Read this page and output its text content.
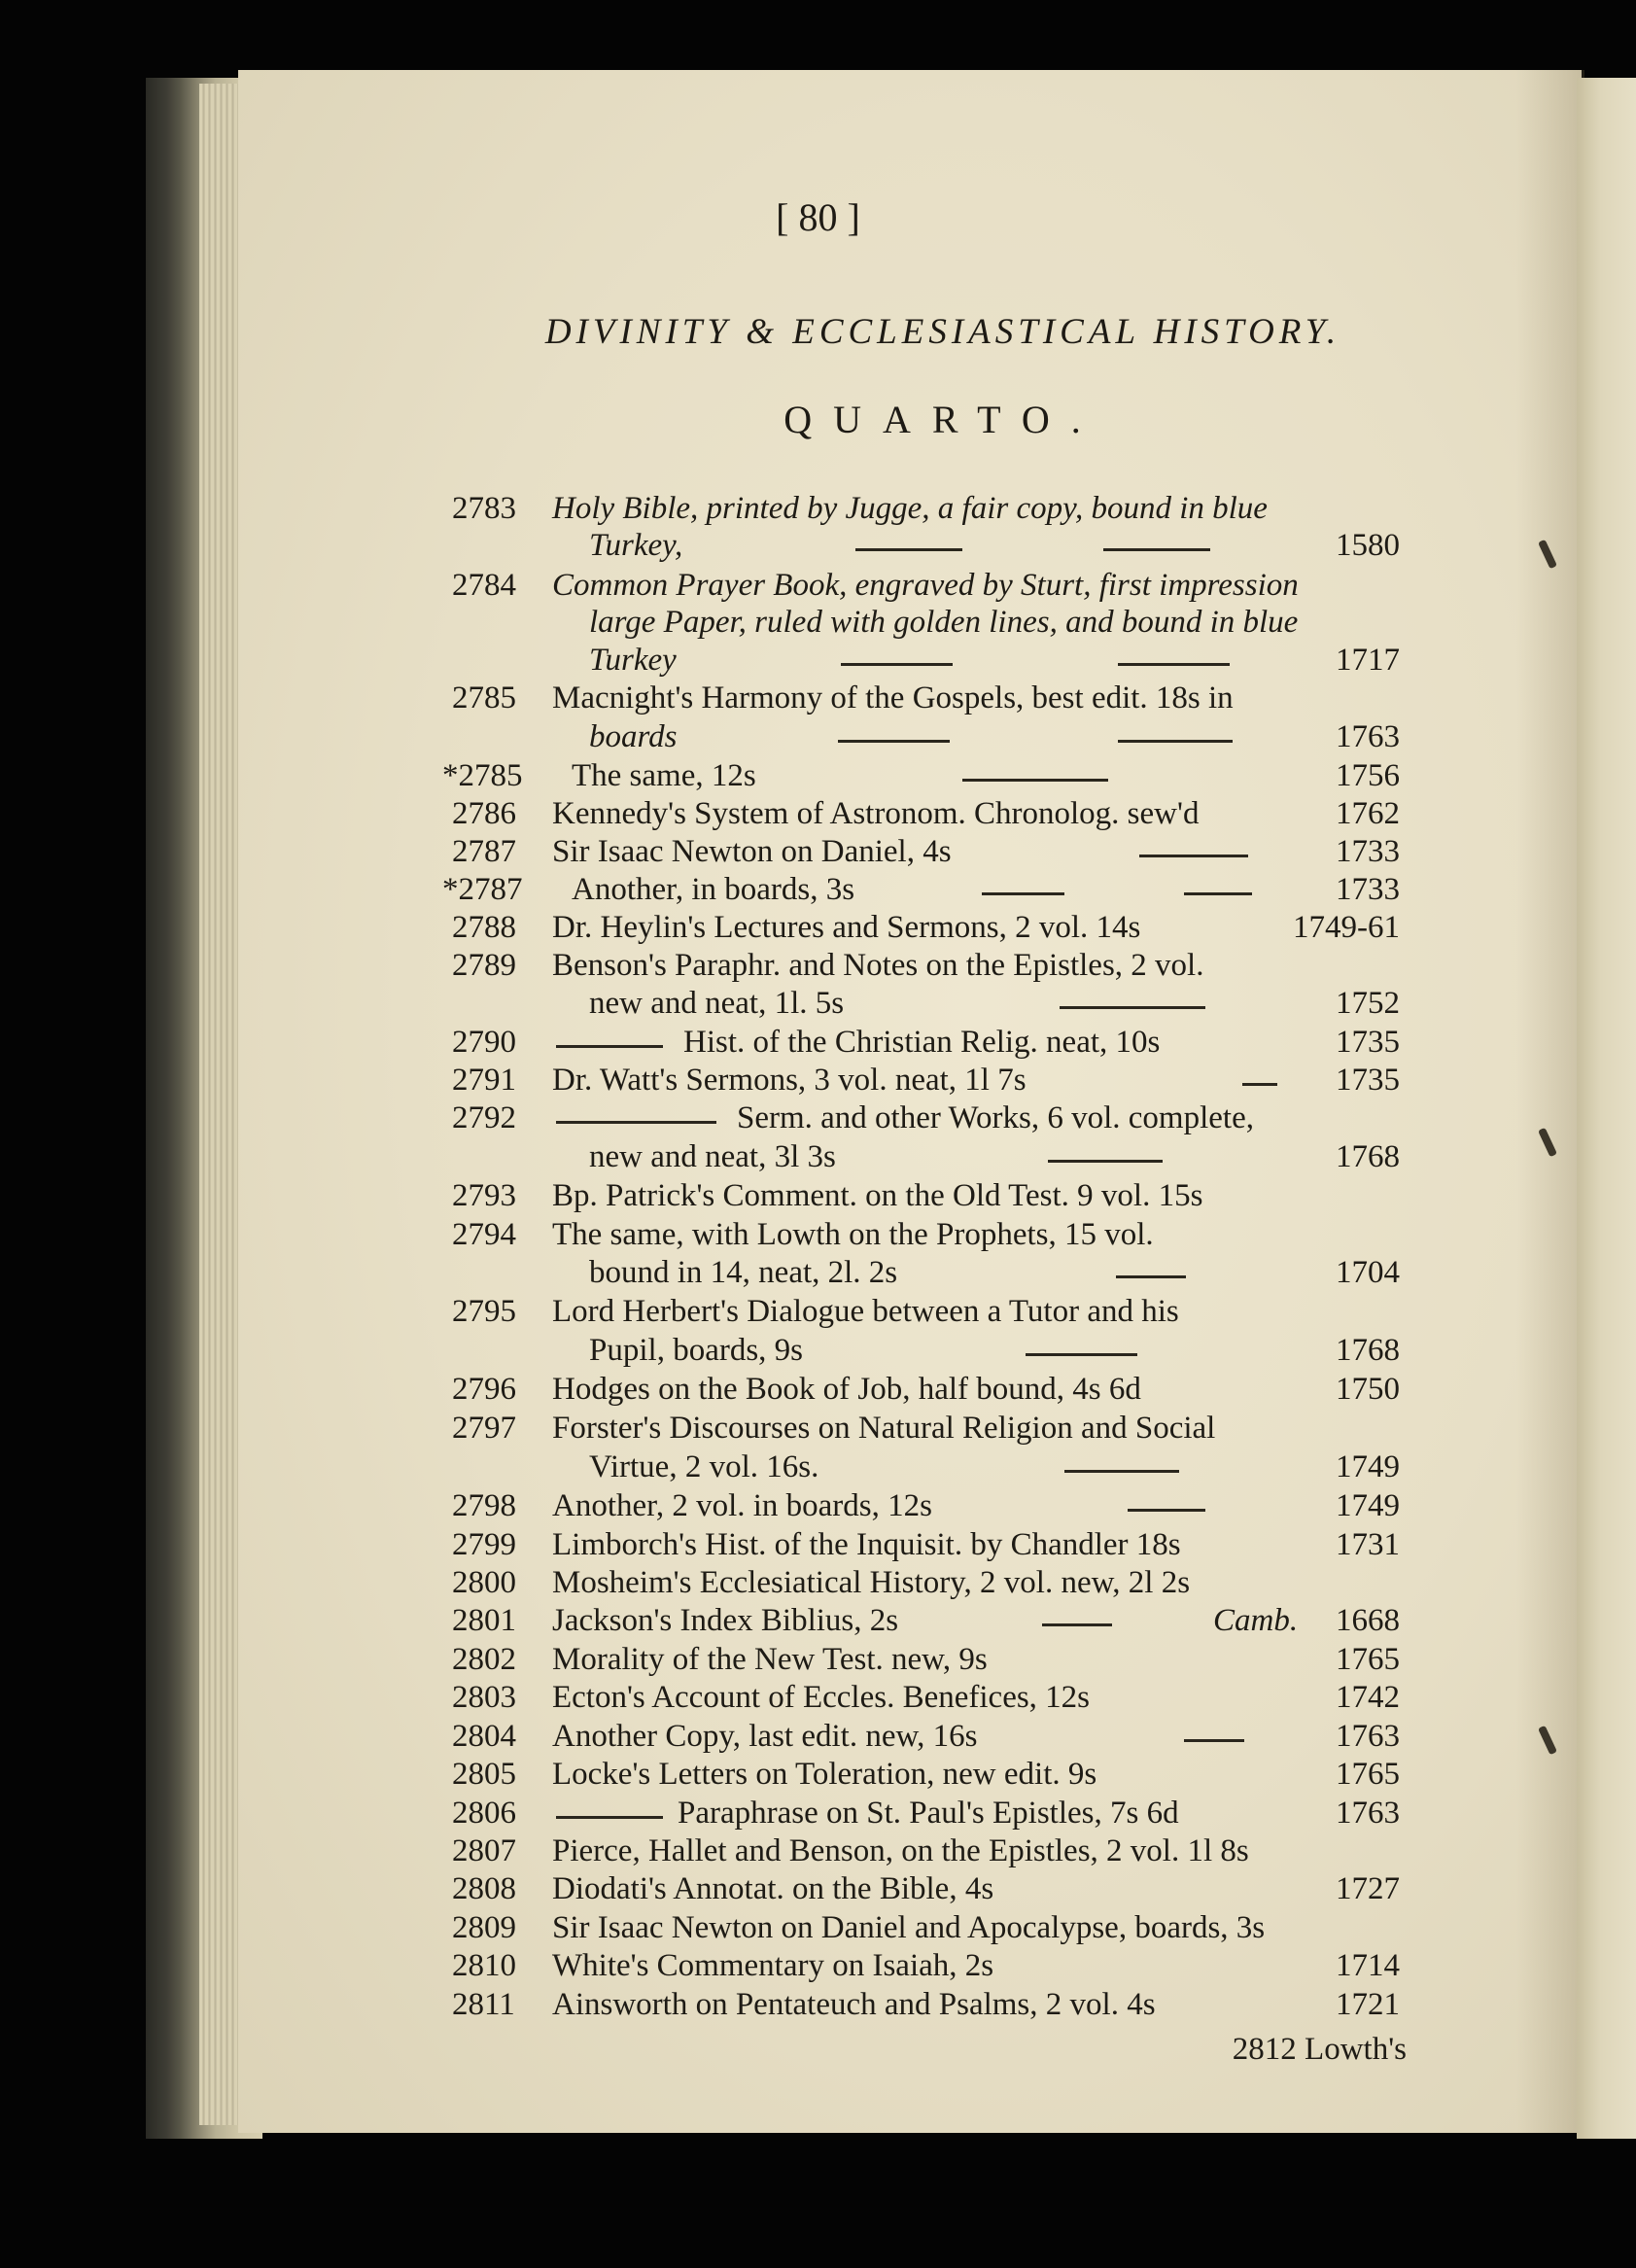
[ 80 ]
DIVINITY & ECCLESIASTICAL HISTORY.
QUARTO.
2783 Holy Bible, printed by Jugge, a fair copy, bound in blue
Turkey,	1580
2784 Common Prayer Book, engraved by Sturt, first impression
large Paper, ruled with golden lines, and bound in blue
Turkey	1717
2785 Macnight's Harmony of the Gospels, best edit. 18s in
boards	1763
*2785 The same, 12s	1756
2786 Kennedy's System of Astronom. Chronolog. sew'd	1762
2787 Sir Isaac Newton on Daniel, 4s	1733
*2787 Another, in boards, 3s	1733
2788 Dr. Heylin's Lectures and Sermons, 2 vol. 14s	1749-61
2789 Benson's Paraphr. and Notes on the Epistles, 2 vol.
new and neat, 1l. 5s	1752
2790	Hist. of the Christian Relig. neat, 10s	1735
2791 Dr. Watt's Sermons, 3 vol. neat, 1l 7s	1735
2792	Serm. and other Works, 6 vol. complete,
new and neat, 3l 3s	1768
2793 Bp. Patrick's Comment. on the Old Test. 9 vol. 15s
2794 The same, with Lowth on the Prophets, 15 vol.
bound in 14, neat, 2l. 2s	1704
2795 Lord Herbert's Dialogue between a Tutor and his
Pupil, boards, 9s	1768
2796 Hodges on the Book of Job, half bound, 4s 6d	1750
2797 Forster's Discourses on Natural Religion and Social
Virtue, 2 vol. 16s.	1749
2798 Another, 2 vol. in boards, 12s	1749
2799 Limborch's Hist. of the Inquisit. by Chandler 18s	1731
2800 Mosheim's Ecclesiatical History, 2 vol. new, 2l 2s
2801 Jackson's Index Biblius, 2s	Camb. 1668
2802 Morality of the New Test. new, 9s	1765
2803 Ecton's Account of Eccles. Benefices, 12s	1742
2804 Another Copy, last edit. new, 16s	1763
2805 Locke's Letters on Toleration, new edit. 9s	1765
2806	Paraphrase on St. Paul's Epistles, 7s 6d	1763
2807 Pierce, Hallet and Benson, on the Epistles, 2 vol. 1l 8s
2808 Diodati's Annotat. on the Bible, 4s	1727
2809 Sir Isaac Newton on Daniel and Apocalypse, boards, 3s
2810 White's Commentary on Isaiah, 2s	1714
2811 Ainsworth on Pentateuch and Psalms, 2 vol. 4s	1721
2812 Lowth's
